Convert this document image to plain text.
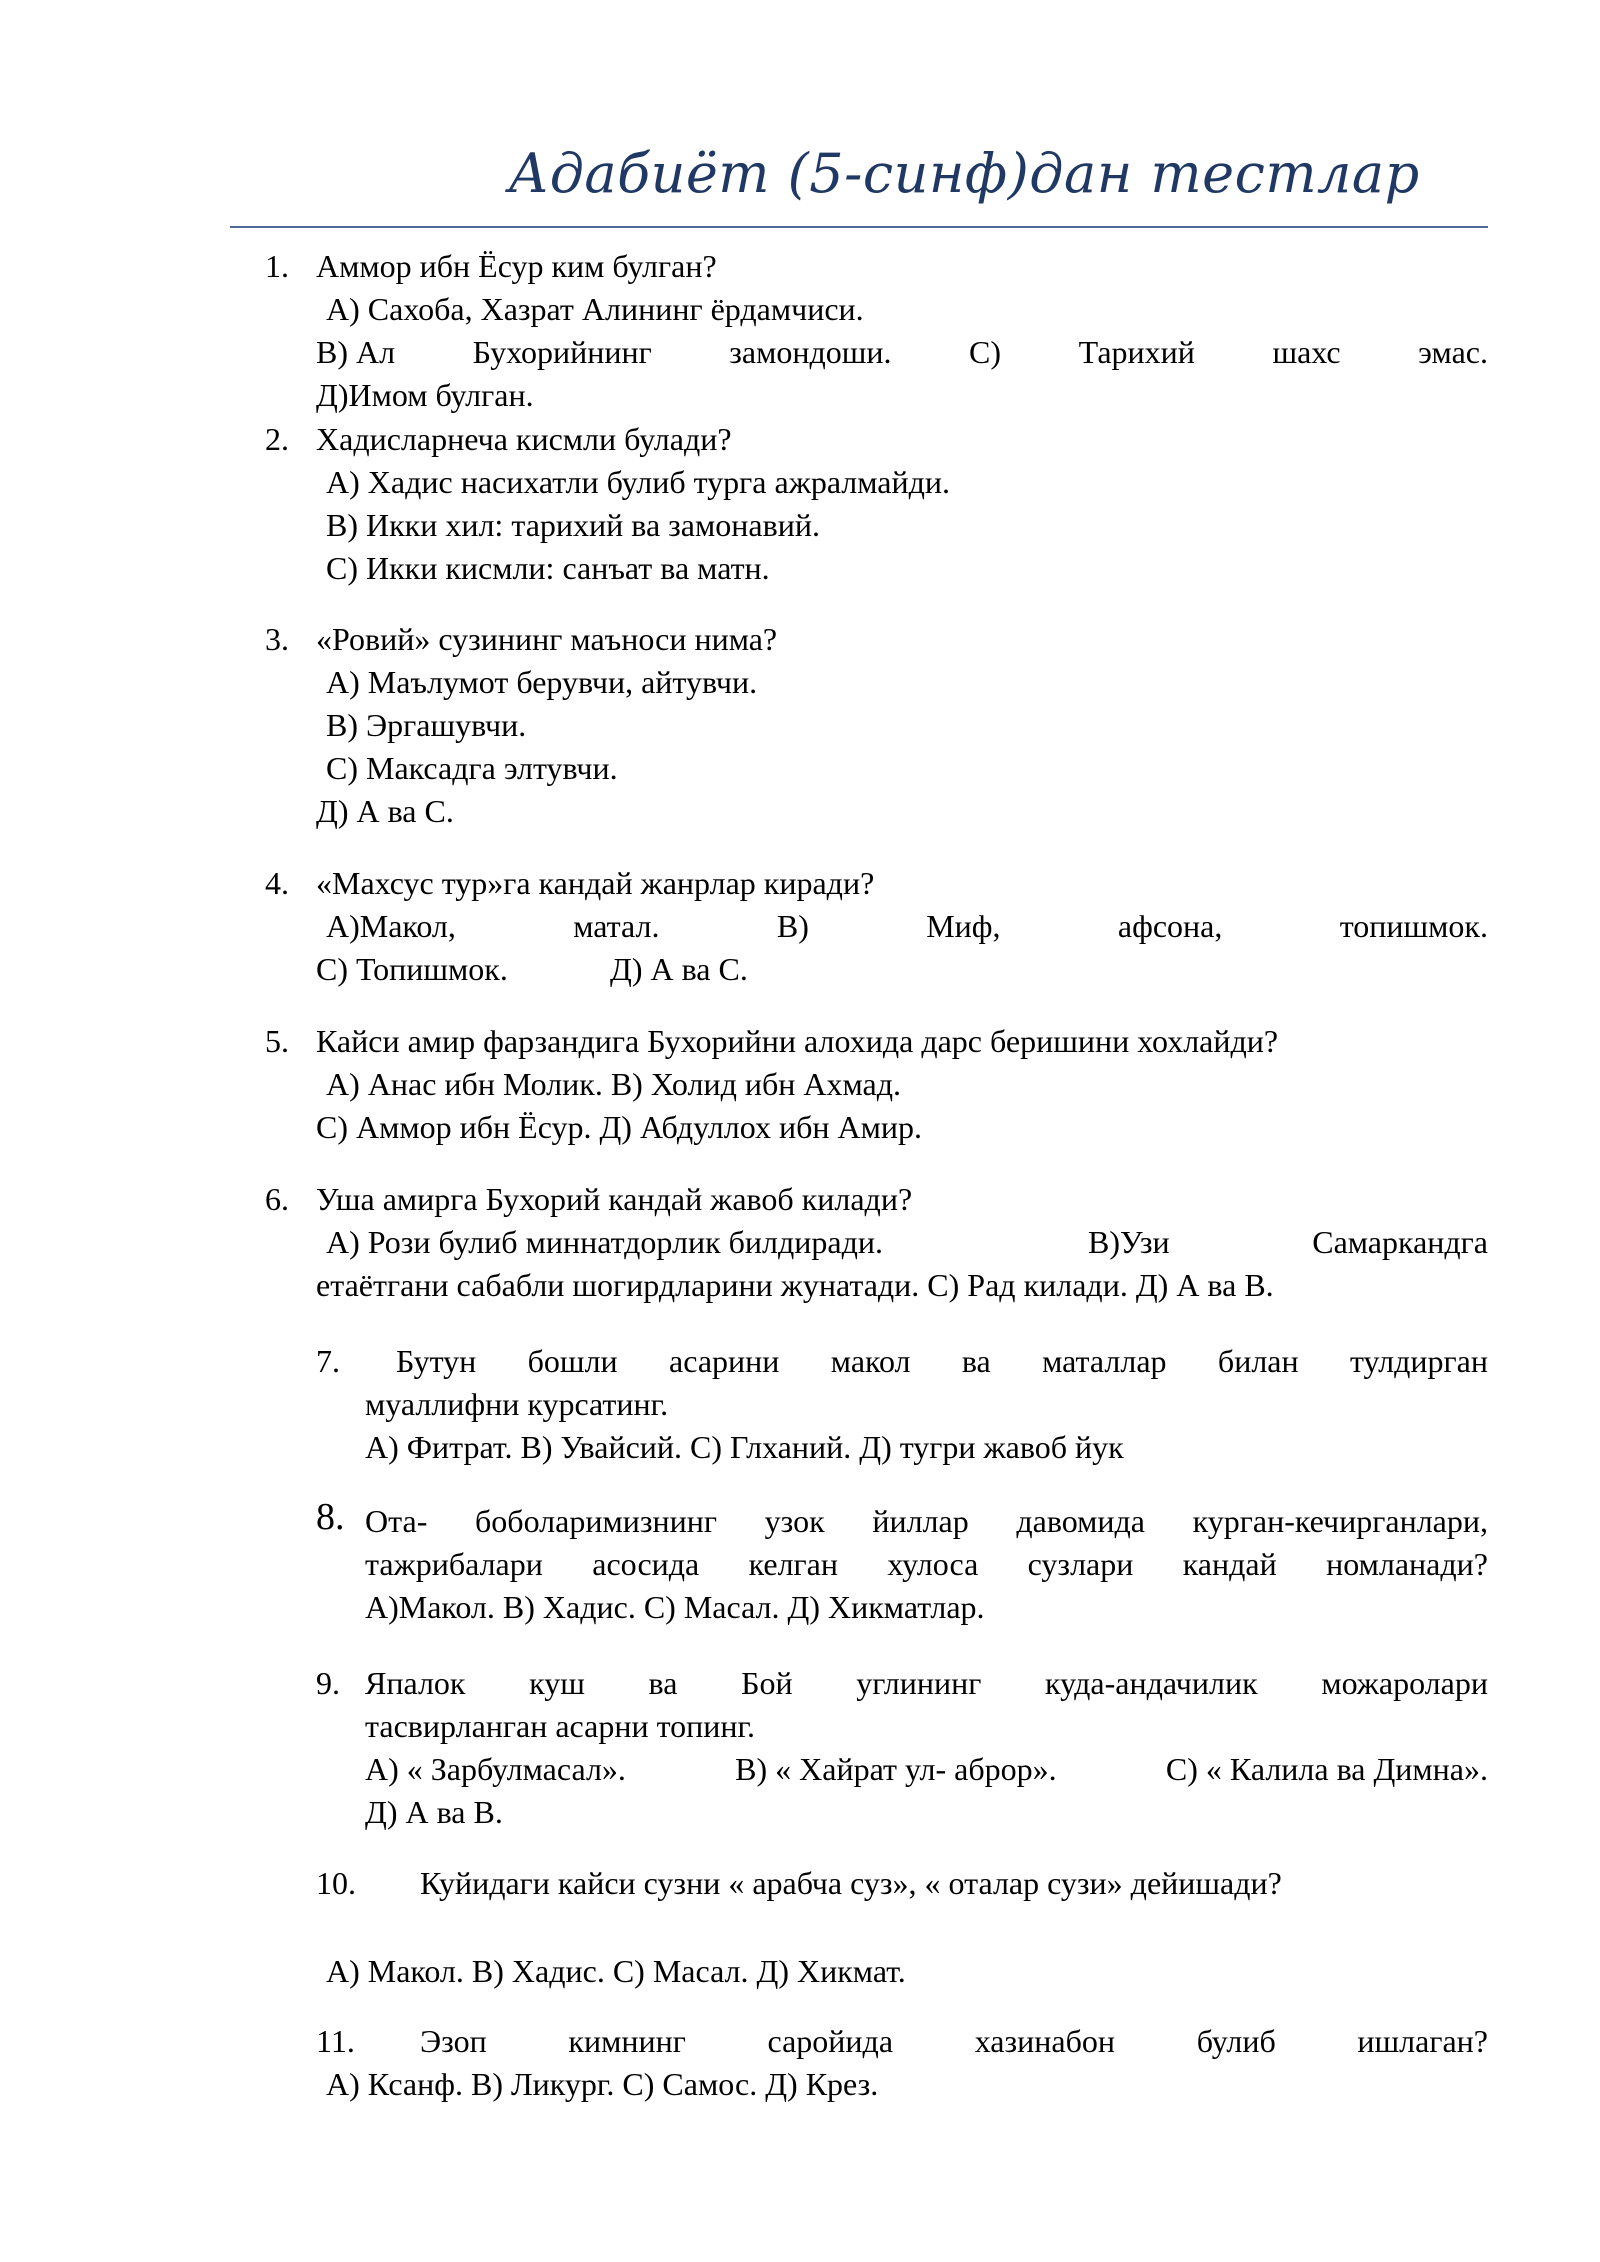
Адабиёт (5-синф)дан тестлар
1. Аммор ибн Ёсур ким булган?
А) Сахоба, Хазрат Алининг ёрдамчиси.
В) Ал Бухорийнинг замондоши. С) Тарихий шахс эмас.
Д)Имом булган.
2. Хадисларнеча кисмли булади?
А) Хадис насихатли булиб турга ажралмайди.
В) Икки хил: тарихий ва замонавий.
С) Икки кисмли: санъат ва матн.
3. «Ровий» сузининг маъноси нима?
А) Маълумот берувчи, айтувчи.
В) Эргашувчи.
С) Максадга элтувчи.
Д) А ва С.
4. «Махсус тур»га кандай жанрлар киради?
А)Макол,	матал.	В)	Миф,	афсона,	топишмок.
С) Топишмок.	Д) А ва С.
5. Кайси амир фарзандига Бухорийни алохида дарс беришини хохлайди?
А) Анас ибн Молик. В) Холид ибн Ахмад.
С) Аммор ибн Ёсур. Д) Абдуллох ибн Амир.
6. Уша амирга Бухорий кандай жавоб килади?
А) Рози булиб миннатдорлик билдиради.	В)Узи	Самаркандга
етаётгани сабабли шогирдларини жунатади. С) Рад килади. Д) А ва В.
7. Бутун бошли асарини макол ва маталлар билан тулдирган
муаллифни курсатинг.
А) Фитрат. В) Увайсий. С) Глханий. Д) тугри жавоб йук
8. Ота- боболаримизнинг узок йиллар давомида курган-кечирганлари,
тажрибалари асосида келган хулоса сузлари кандай номланади?
А)Макол. В) Хадис. С) Масал. Д) Хикматлар.
9. Япалок куш ва Бой углининг куда-андачилик можаролари
тасвирланган асарни топинг.
А) « Зарбулмасал».	В) « Хайрат ул- аброр».	С) « Калила ва Димна».
Д) А ва В.
10. Куйидаги кайси сузни « арабча суз», « оталар сузи» дейишади?
А) Макол. В) Хадис. С) Масал. Д) Хикмат.
11. Эзоп	кимнинг	саройида	хазинабон	булиб	ишлаган?
А) Ксанф. В) Ликург. С) Самос. Д) Крез.
